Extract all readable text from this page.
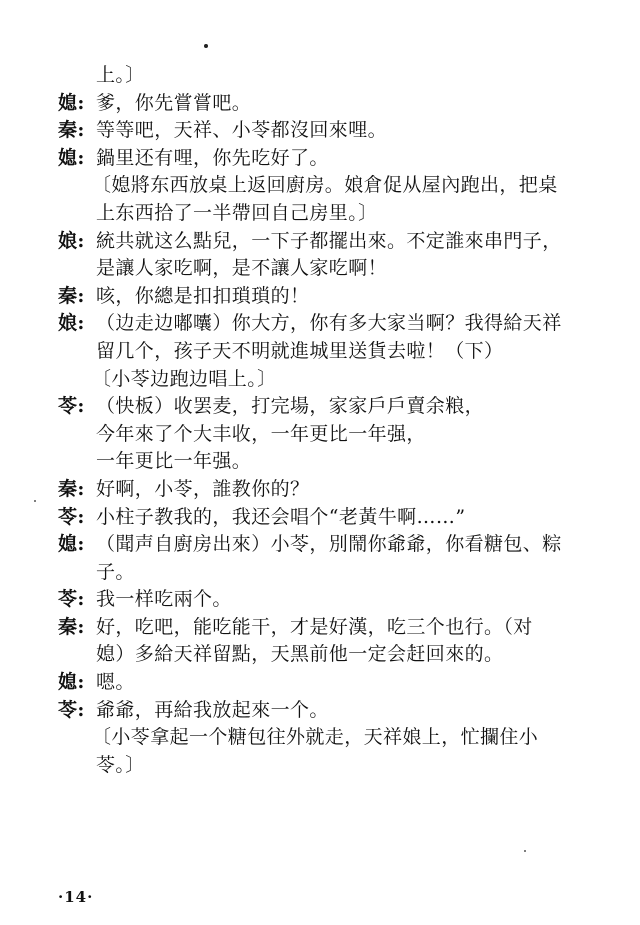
上。〕
媳: 爹，你先嘗嘗吧。
秦: 等等吧，天祥、小苓都沒回來哩。
媳: 鍋里还有哩，你先吃好了。
〔媳將东西放桌上返回廚房。娘倉促从屋內跑出，把桌
上东西拾了一半帶回自己房里。〕
娘: 統共就这么點兒，一下子都擺出來。不定誰來串門子，
是讓人家吃啊，是不讓人家吃啊！
秦: 咳，你總是扣扣瑣瑣的！
娘: （边走边嘟囔）你大方，你有多大家当啊？我得給天祥
留几个，孩子天不明就進城里送貨去啦！（下）
〔小苓边跑边唱上。〕
苓: （快板）收罢麦，打完場，家家戶戶賣余粮，
今年來了个大丰收，一年更比一年强，
一年更比一年强。
秦: 好啊，小苓，誰教你的？
苓: 小柱子教我的，我还会唱个“老黃牛啊……”
媳: （聞声自廚房出來）小苓，別鬧你爺爺，你看糖包、粽
子。
苓: 我一样吃兩个。
秦: 好，吃吧，能吃能干，才是好漢，吃三个也行。（对
媳）多給天祥留點，天黑前他一定会赶回來的。
媳: 嗯。
苓: 爺爺，再給我放起來一个。
〔小苓拿起一个糖包往外就走，天祥娘上，忙攔住小
苓。〕
·14·
